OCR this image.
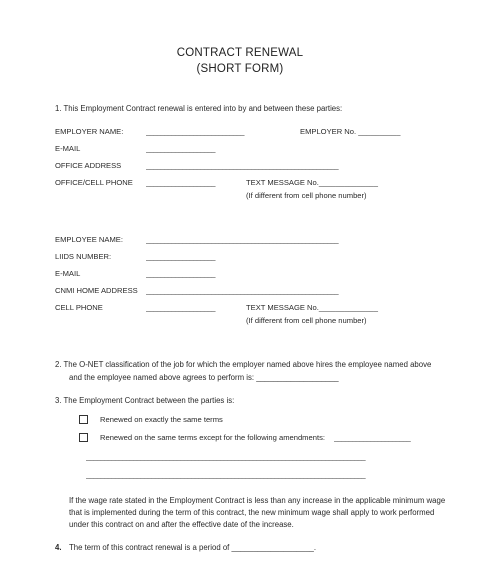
CONTRACT RENEWAL
(SHORT FORM)
1. This Employment Contract renewal is entered into by and between these parties:
EMPLOYER NAME:	___________________________	EMPLOYER No. __________
E-MAIL	___________________
OFFICE ADDRESS	_____________________________________________________
OFFICE/CELL PHONE ___________________	TEXT MESSAGE No.______________
(If different from cell phone number)
EMPLOYEE NAME:	_____________________________________________________
LIIDS NUMBER:	___________________
E-MAIL	___________________
CNMI HOME ADDRESS _____________________________________________________
CELL PHONE	___________________	TEXT MESSAGE No.______________
(If different from cell phone number)
2. The O-NET classification of the job for which the employer named above hires the employee named above
and the employee named above agrees to perform is: ___________________
3. The Employment Contract between the parties is:
Renewed on exactly the same terms
Renewed on the same terms except for the following amendments: _____________________
_____________________________________________________________________________
_____________________________________________________________________________
If the wage rate stated in the Employment Contract is less than any increase in the applicable minimum wage
that is implemented during the term of this contract, the new minimum wage shall apply to work performed
under this contract on and after the effective date of the increase.
4. The term of this contract renewal is a period of ___________________.
